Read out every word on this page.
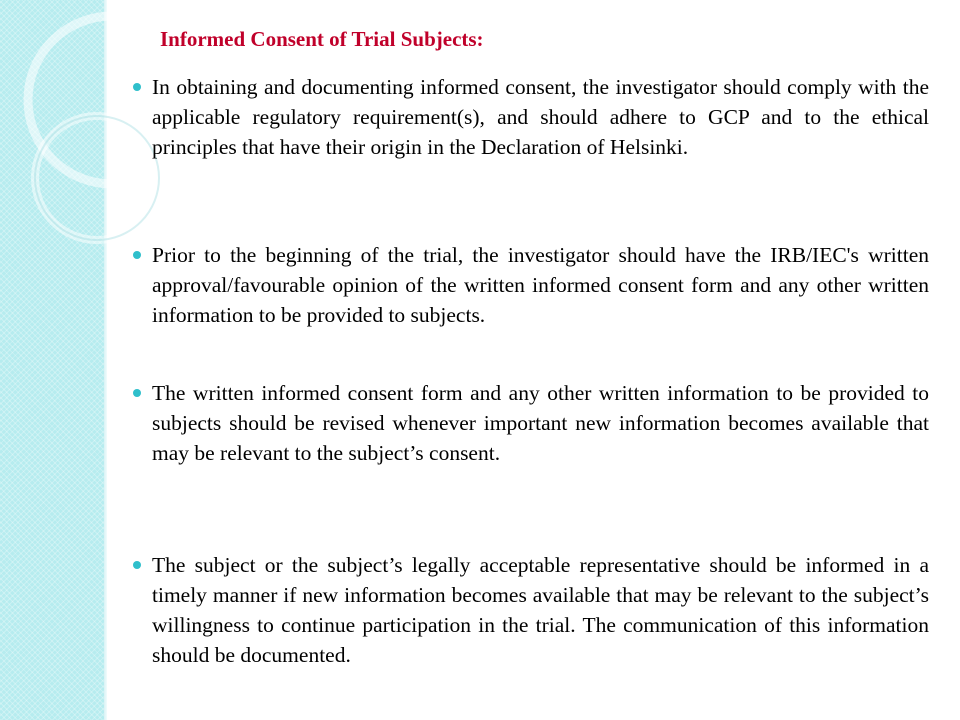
Informed Consent of Trial Subjects:
In obtaining and documenting informed consent, the investigator should comply with the applicable regulatory requirement(s), and should adhere to GCP and to the ethical principles that have their origin in the Declaration of Helsinki.
Prior to the beginning of the trial, the investigator should have the IRB/IEC's written approval/favourable opinion of the written informed consent form and any other written information to be provided to subjects.
The written informed consent form and any other written information to be provided to subjects should be revised whenever important new information becomes available that may be relevant to the subject’s consent.
The subject or the subject’s legally acceptable representative should be informed in a timely manner if new information becomes available that may be relevant to the subject’s willingness to continue participation in the trial. The communication of this information should be documented.
